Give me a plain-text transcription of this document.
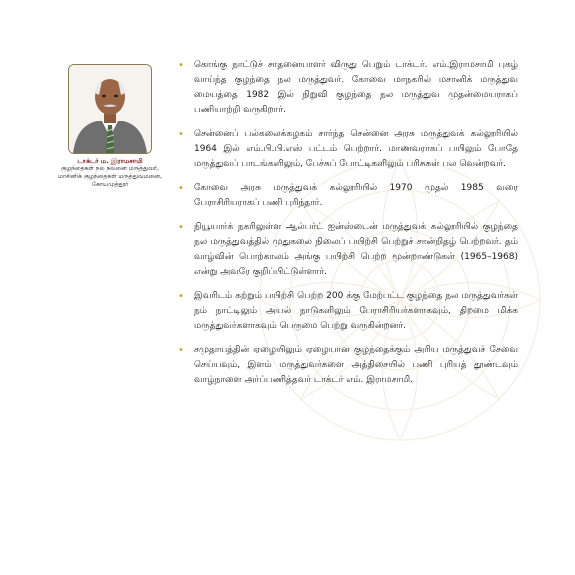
டாக்டர் ம. இராமசாமி
குழந்தைகள் நல நலனை மருத்துவர்,
மாசினிக் குழந்தைகள் மருத்துவமனை,
கோயமுத்தூர்
• கொங்கு நாட்டுச் சாதனையாளர் விருது பெறும் டாக்டர். எம்.இராமசாமி புகழ் வாய்ந்த குழந்தை நல மருத்துவர். கோவை மாநகரில் மசானிக் மருத்துவ மையத்தை 1982 இல் நிறுவி குழந்தை நல மருத்துவ முதன்மையராகப் பணியாற்றி வருகிறார்.
• சென்னைப் பல்கலைக்கழகம் சார்ந்த சென்னை அரசு மருத்துவக் கல்லூரியில் 1964 இல் எம்.பி.பி.எஸ் பட்டம் பெற்றார். மாணவராகப் பயிலும் போதே மருத்துவப் பாடங்களிலும், பேச்சுப் போட்டிகளிலும் பரிசுகள் பல வென்றவர்.
• கோவை அரசு மருத்துவக் கல்லூரியில் 1970 முதல் 1985 வரை பேராசிரியராகப் பணி புரிந்தார்.
• நியூயார்க் நகரிலுள்ள ஆல்பர்ட் ஐன்ஸ்டைன் மருத்துவக் கல்லூரியில் குழந்தை நல மருத்துவத்தில் முதுகலை நிலைப் பயிற்சி பெற்றுச் சான்றிதழ் பெற்றவர். தம் வாழ்வின் பொற்காலம் அங்கு பயிற்சி பெற்ற மூன்றாண்டுகள் (1965–1968) என்று அவரே குறிப்பிட்டுள்ளார்.
• இவரிடம் கற்றும் பயிற்சி பெற்ற 200 க்கு மேற்பட்ட குழந்தை நல மருத்துவர்கள் நம் நாட்டிலும் அயல் நாடுகளிலும் பேராசிரியர்களாகவும், திறமை மிக்க மருத்துவர்களாகவும் பெருமை பெற்று வருகின்றனர்.
• சமுதாயத்தின் ஏழையிலும் ஏழையான குழந்தைக்கும் அரிய மருத்துவச் சேவை செய்யவும், இளம் மருத்துவர்களை அத்திசையில் பணி புரியத் தூண்டவும் வாழ்நாளை அர்ப்பணித்தவர் டாக்டர் எம். இராமசாமி.
